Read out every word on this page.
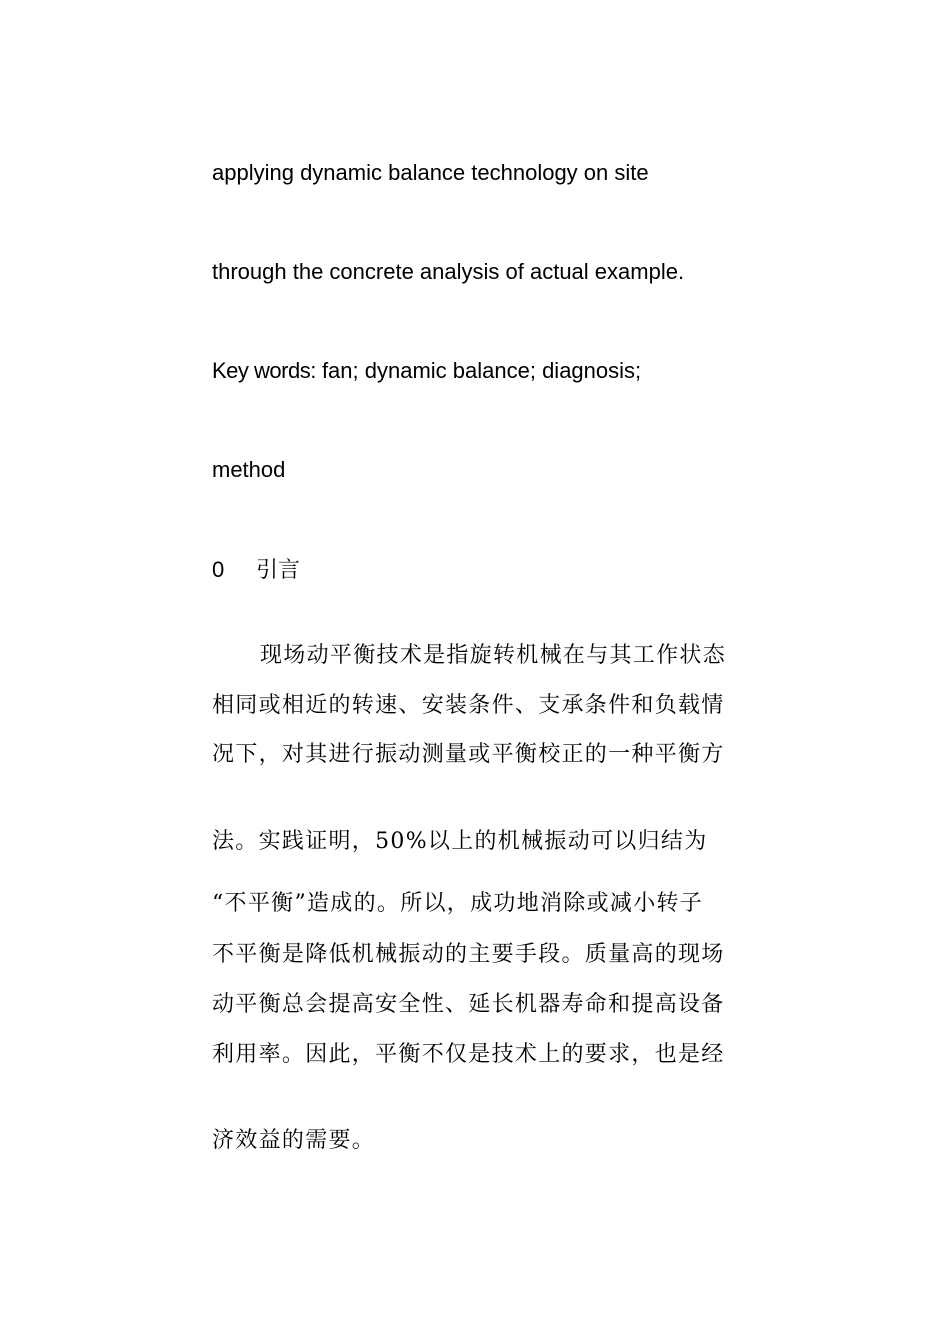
applying dynamic balance technology on site
through the concrete analysis of actual example.
Key words: fan; dynamic balance; diagnosis;
method
0 引言
现场动平衡技术是指旋转机械在与其工作状态
相同或相近的转速、安装条件、支承条件和负载情
况下，对其进行振动测量或平衡校正的一种平衡方
法。实践证明，50%以上的机械振动可以归结为
“不平衡”造成的。所以，成功地消除或减小转子
不平衡是降低机械振动的主要手段。质量高的现场
动平衡总会提高安全性、延长机器寿命和提高设备
利用率。因此，平衡不仅是技术上的要求，也是经
济效益的需要。
